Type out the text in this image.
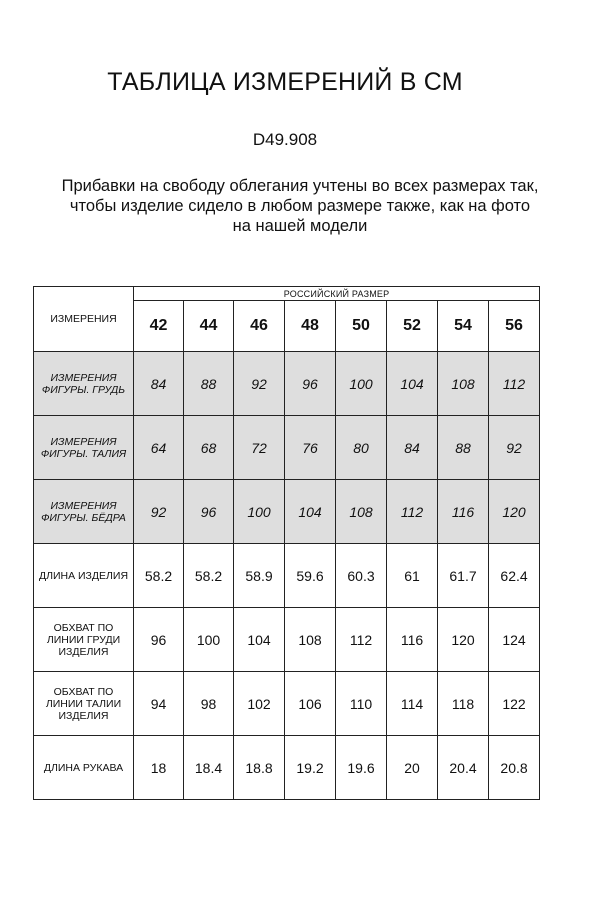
ТАБЛИЦА ИЗМЕРЕНИЙ В СМ
D49.908
Прибавки на свободу облегания учтены во всех размерах так,
чтобы изделие сидело в любом размере также, как на фото
на нашей модели
ИЗМЕРЕНИЯ	РОССИЙСКИЙ РАЗМЕР							
	42	44	46	48	50	52	54	56
ИЗМЕРЕНИЯ ФИГУРЫ. ГРУДЬ	84	88	92	96	100	104	108	112
ИЗМЕРЕНИЯ ФИГУРЫ. ТАЛИЯ	64	68	72	76	80	84	88	92
ИЗМЕРЕНИЯ ФИГУРЫ. БЁДРА	92	96	100	104	108	112	116	120
ДЛИНА ИЗДЕЛИЯ	58.2	58.2	58.9	59.6	60.3	61	61.7	62.4
ОБХВАТ ПО ЛИНИИ ГРУДИ ИЗДЕЛИЯ	96	100	104	108	112	116	120	124
ОБХВАТ ПО ЛИНИИ ТАЛИИ ИЗДЕЛИЯ	94	98	102	106	110	114	118	122
ДЛИНА РУКАВА	18	18.4	18.8	19.2	19.6	20	20.4	20.8
